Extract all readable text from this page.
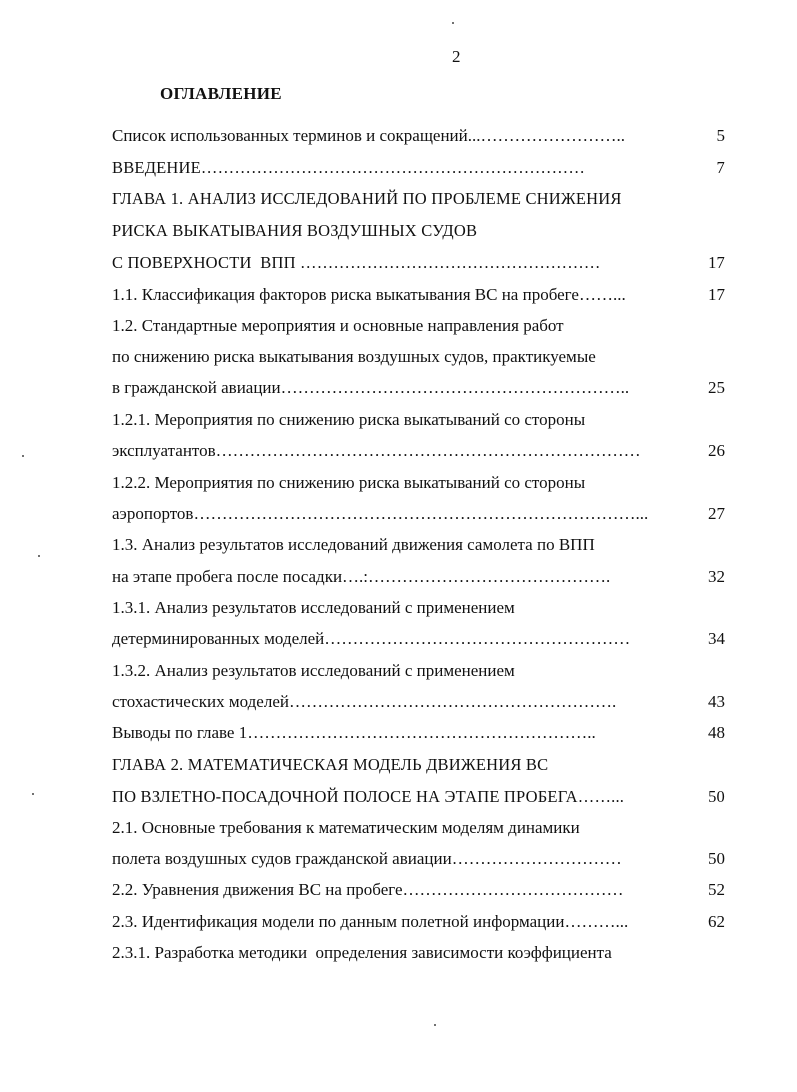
2
ОГЛАВЛЕНИЕ
Список использованных терминов и сокращений...……………………..	5
ВВЕДЕНИЕ……………………………………………………………	7
ГЛАВА 1. АНАЛИЗ ИССЛЕДОВАНИЙ ПО ПРОБЛЕМЕ СНИЖЕНИЯ
РИСКА ВЫКАТЫВАНИЯ ВОЗДУШНЫХ СУДОВ
С ПОВЕРХНОСТИ  ВПП ………………………………………………	17
1.1. Классификация факторов риска выкатывания ВС на пробеге……...	17
1.2. Стандартные мероприятия и основные направления работ
по снижению риска выкатывания воздушных судов, практикуемые
в гражданской авиации……………………………………………………..	25
1.2.1. Мероприятия по снижению риска выкатываний со стороны
эксплуатантов…………………………………………………………………	26
1.2.2. Мероприятия по снижению риска выкатываний со стороны
аэропортов……………………………………………………………………...	27
1.3. Анализ результатов исследований движения самолета по ВПП
на этапе пробега после посадки….:…………………………………….	32
1.3.1. Анализ результатов исследований с применением
детерминированных моделей………………………………………………	34
1.3.2. Анализ результатов исследований с применением
стохастических моделей………………………………………………….	43
Выводы по главе 1……………………………………………………..	48
ГЛАВА 2. МАТЕМАТИЧЕСКАЯ МОДЕЛЬ ДВИЖЕНИЯ ВС
ПО ВЗЛЕТНО-ПОСАДОЧНОЙ ПОЛОСЕ НА ЭТАПЕ ПРОБЕГА……...	50
2.1. Основные требования к математическим моделям динамики
полета воздушных судов гражданской авиации…………………………	50
2.2. Уравнения движения ВС на пробеге…………………………………	52
2.3. Идентификация модели по данным полетной информации………...	62
2.3.1. Разработка методики  определения зависимости коэффициента
